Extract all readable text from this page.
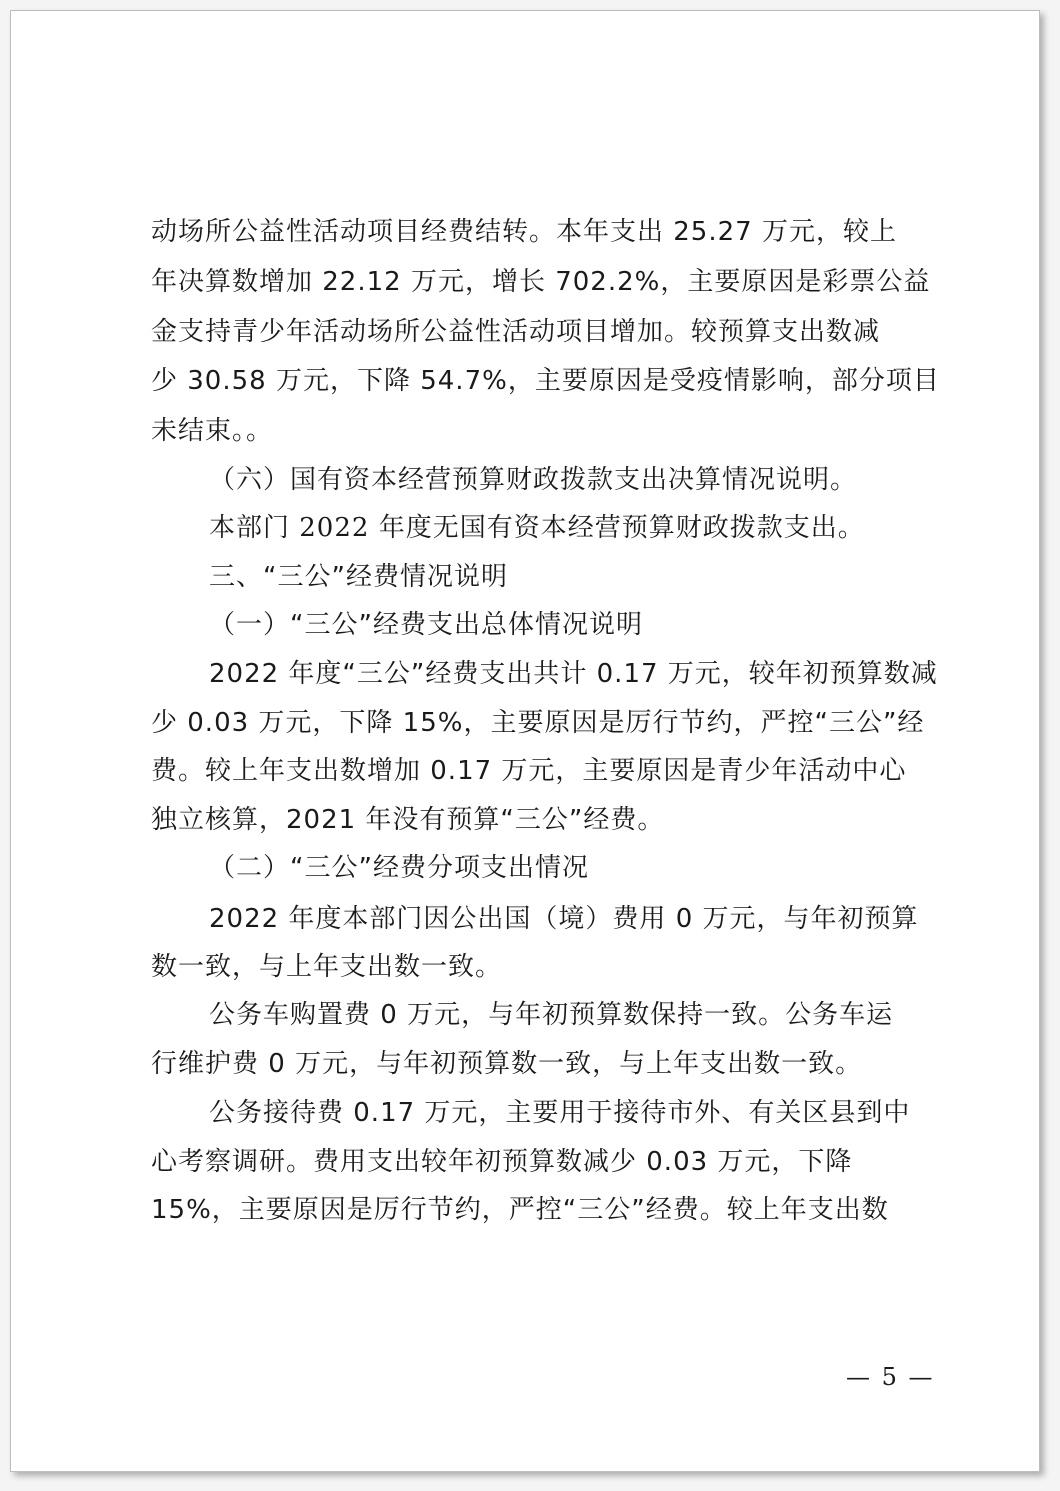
动场所公益性活动项目经费结转。本年支出 25.27 万元，较上
年决算数增加 22.12 万元，增长 702.2%，主要原因是彩票公益
金支持青少年活动场所公益性活动项目增加。较预算支出数减
少 30.58 万元，下降 54.7%，主要原因是受疫情影响，部分项目
未结束。。
（六）国有资本经营预算财政拨款支出决算情况说明。
本部门 2022 年度无国有资本经营预算财政拨款支出。
三、“三公”经费情况说明
（一）“三公”经费支出总体情况说明
2022 年度“三公”经费支出共计 0.17 万元，较年初预算数减
少 0.03 万元，下降 15%，主要原因是厉行节约，严控“三公”经
费。较上年支出数增加 0.17 万元，主要原因是青少年活动中心
独立核算，2021 年没有预算“三公”经费。
（二）“三公”经费分项支出情况
2022 年度本部门因公出国（境）费用 0 万元，与年初预算
数一致，与上年支出数一致。
公务车购置费 0 万元，与年初预算数保持一致。公务车运
行维护费 0 万元，与年初预算数一致，与上年支出数一致。
公务接待费 0.17 万元，主要用于接待市外、有关区县到中
心考察调研。费用支出较年初预算数减少 0.03 万元，下降
15%，主要原因是厉行节约，严控“三公”经费。较上年支出数
— 5 —
